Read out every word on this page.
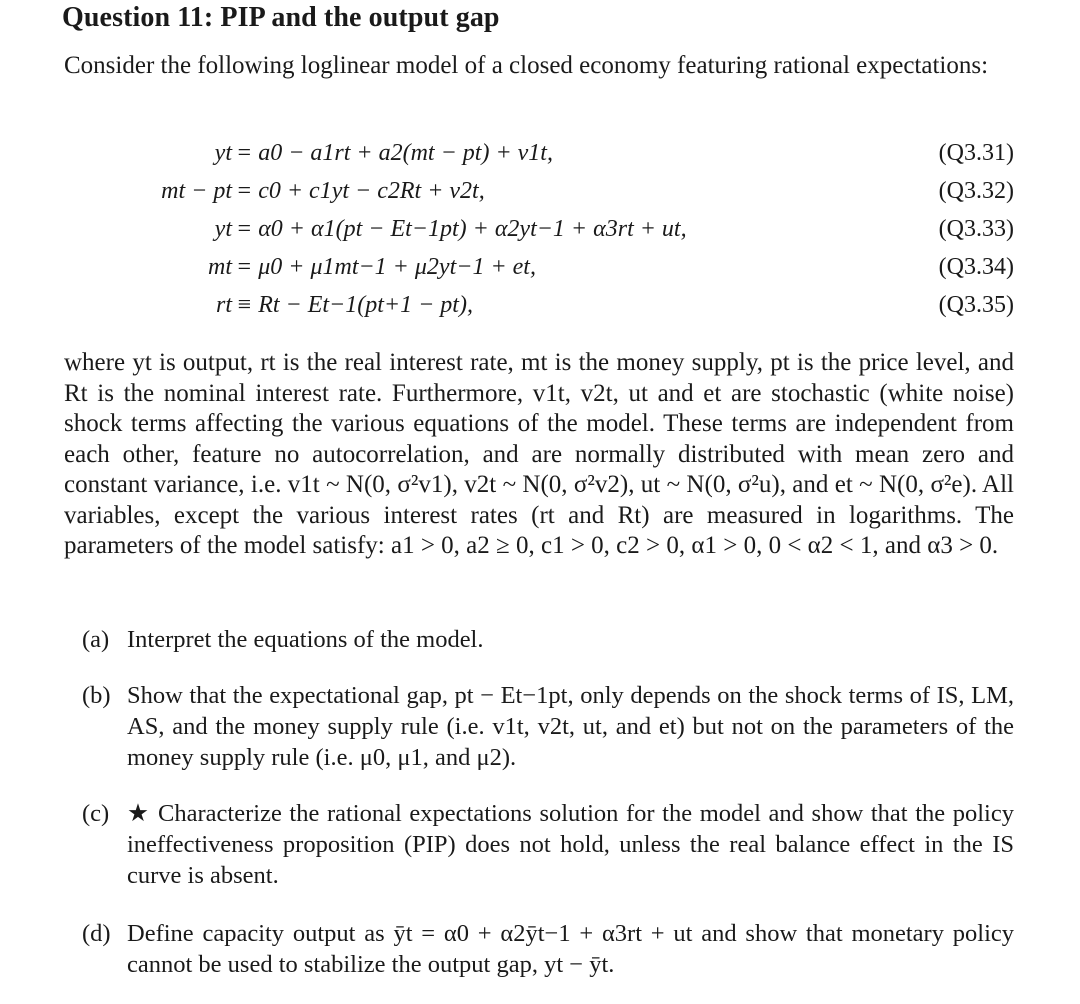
Question 11: PIP and the output gap
Consider the following loglinear model of a closed economy featuring rational expectations:
yt = a0 − a1rt + a2(mt − pt) + v1t,	(Q3.31)
mt − pt = c0 + c1yt − c2Rt + v2t,	(Q3.32)
yt = α0 + α1(pt − Et−1pt) + α2yt−1 + α3rt + ut,	(Q3.33)
mt = μ0 + μ1mt−1 + μ2yt−1 + et,	(Q3.34)
rt ≡ Rt − Et−1(pt+1 − pt),	(Q3.35)
where yt is output, rt is the real interest rate, mt is the money supply, pt is the price level, and Rt is the nominal interest rate. Furthermore, v1t, v2t, ut and et are stochastic (white noise) shock terms affecting the various equations of the model. These terms are independent from each other, feature no autocorrelation, and are normally distributed with mean zero and constant variance, i.e. v1t ~ N(0, σ²v1), v2t ~ N(0, σ²v2), ut ~ N(0, σ²u), and et ~ N(0, σ²e). All variables, except the various interest rates (rt and Rt) are measured in logarithms. The parameters of the model satisfy: a1 > 0, a2 ≥ 0, c1 > 0, c2 > 0, α1 > 0, 0 < α2 < 1, and α3 > 0.
(a) Interpret the equations of the model.
(b) Show that the expectational gap, pt − Et−1pt, only depends on the shock terms of IS, LM, AS, and the money supply rule (i.e. v1t, v2t, ut, and et) but not on the parameters of the money supply rule (i.e. μ0, μ1, and μ2).
(c) ★ Characterize the rational expectations solution for the model and show that the policy ineffectiveness proposition (PIP) does not hold, unless the real balance effect in the IS curve is absent.
(d) Define capacity output as ȳt = α0 + α2ȳt−1 + α3rt + ut and show that monetary policy cannot be used to stabilize the output gap, yt − ȳt.
